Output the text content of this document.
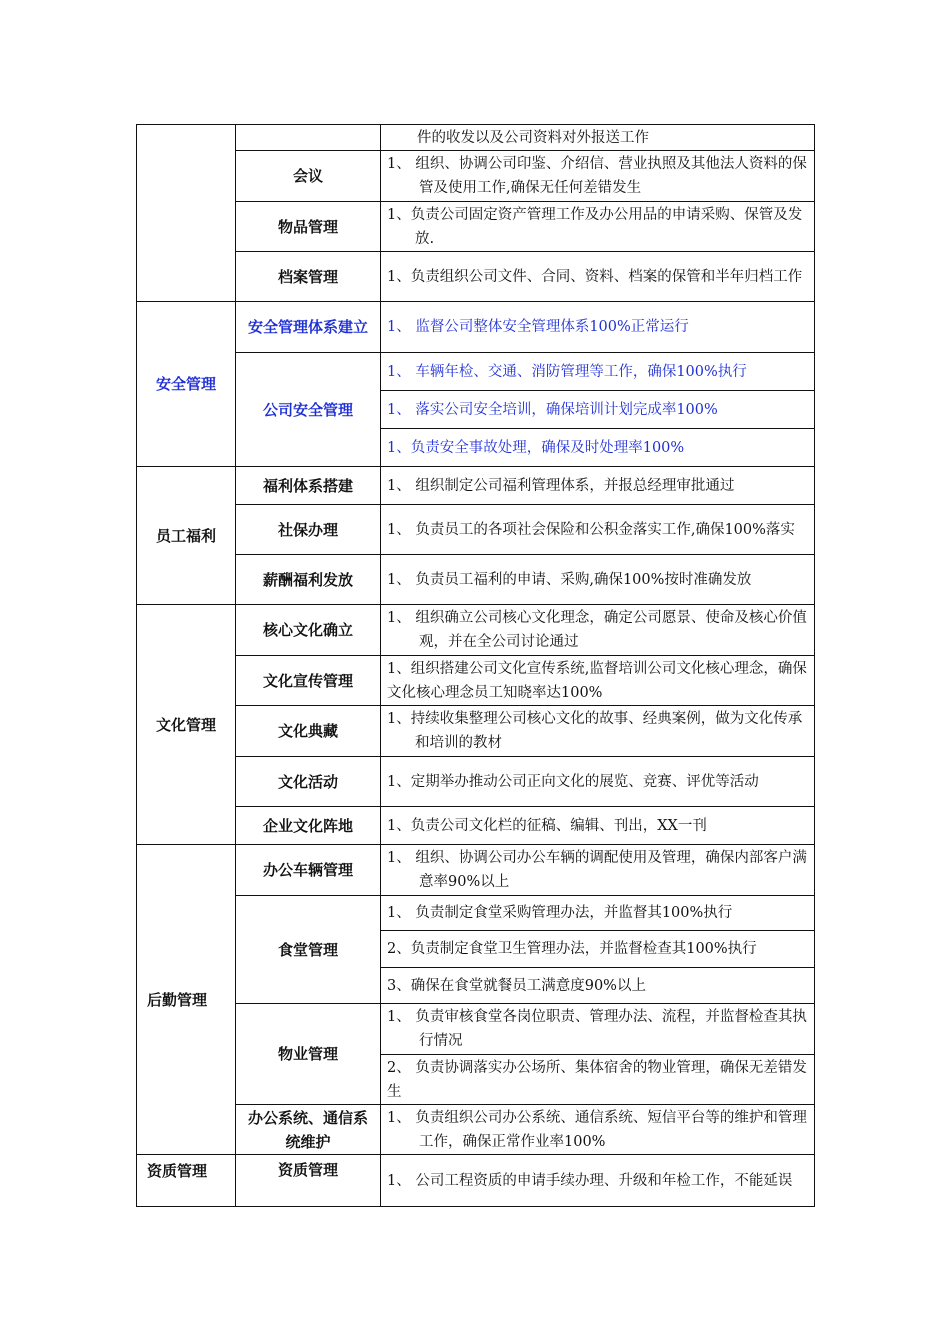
		件的收发以及公司资料对外报送工作
	会议	1、 组织、协调公司印鉴、介绍信、营业执照及其他法人资料的保管及使用工作,确保无任何差错发生

	物品管理	1、负责公司固定资产管理工作及办公用品的申请采购、保管及发放.

	档案管理	1、负责组织公司文件、合同、资料、档案的保管和半年归档工作

安全管理	安全管理体系建立	1、 监督公司整体安全管理体系100%正常运行
	公司安全管理	1、 车辆年检、交通、消防管理等工作，确保100%执行
		1、 落实公司安全培训，确保培训计划完成率100%
		1、负责安全事故处理，确保及时处理率100%
员工福利	福利体系搭建	1、 组织制定公司福利管理体系，并报总经理审批通过
	社保办理	1、 负责员工的各项社会保险和公积金落实工作,确保100%落实

	薪酬福利发放	1、 负责员工福利的申请、采购,确保100%按时准确发放

文化管理	核心文化确立	1、 组织确立公司核心文化理念，确定公司愿景、使命及核心价值观，并在全公司讨论通过

	文化宣传管理	1、组织搭建公司文化宣传系统,监督培训公司文化核心理念，确保文化核心理念员工知晓率达100%
	文化典藏	1、持续收集整理公司核心文化的故事、经典案例，做为文化传承和培训的教材

	文化活动	1、定期举办推动公司正向文化的展览、竞赛、评优等活动
	企业文化阵地	1、负责公司文化栏的征稿、编辑、刊出，XX一刊
后勤管理	办公车辆管理	1、 组织、协调公司办公车辆的调配使用及管理，确保内部客户满意率90%以上

	食堂管理	1、 负责制定食堂采购管理办法，并监督其100%执行
		2、负责制定食堂卫生管理办法，并监督检查其100%执行
		3、确保在食堂就餐员工满意度90%以上
	物业管理	1、 负责审核食堂各岗位职责、管理办法、流程，并监督检查其执行情况

		2、 负责协调落实办公场所、集体宿舍的物业管理，确保无差错发生
	办公系统、通信系统维护	1、 负责组织公司办公系统、通信系统、短信平台等的维护和管理工作，确保正常作业率100%

资质管理	资质管理	1、 公司工程资质的申请手续办理、升级和年检工作，不能延误
